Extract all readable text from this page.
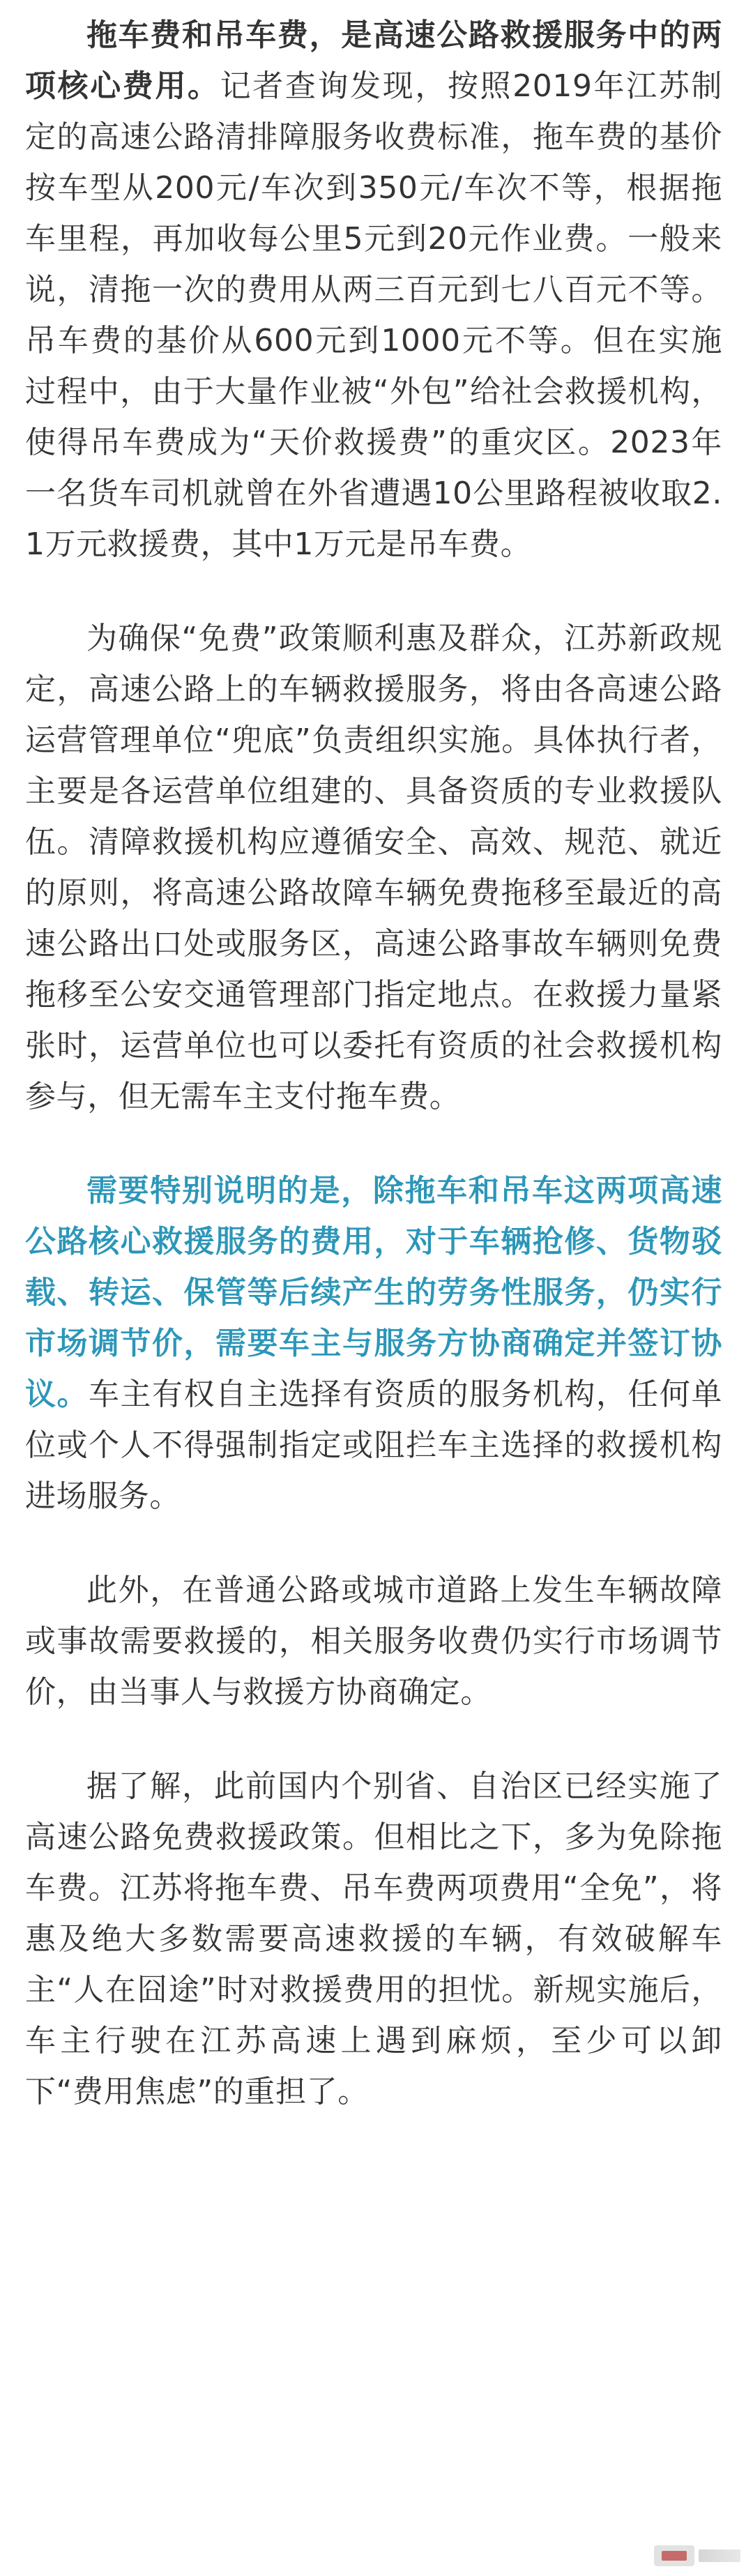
拖车费和吊车费，是高速公路救援服务中的两项核心费用。记者查询发现，按照2019年江苏制定的高速公路清排障服务收费标准，拖车费的基价按车型从200元/车次到350元/车次不等，根据拖车里程，再加收每公里5元到20元作业费。一般来说，清拖一次的费用从两三百元到七八百元不等。吊车费的基价从600元到1000元不等。但在实施过程中，由于大量作业被“外包”给社会救援机构，使得吊车费成为“天价救援费”的重灾区。2023年一名货车司机就曾在外省遭遇10公里路程被收取2.1万元救援费，其中1万元是吊车费。

为确保“免费”政策顺利惠及群众，江苏新政规定，高速公路上的车辆救援服务，将由各高速公路运营管理单位“兜底”负责组织实施。具体执行者，主要是各运营单位组建的、具备资质的专业救援队伍。清障救援机构应遵循安全、高效、规范、就近的原则，将高速公路故障车辆免费拖移至最近的高速公路出口处或服务区，高速公路事故车辆则免费拖移至公安交通管理部门指定地点。在救援力量紧张时，运营单位也可以委托有资质的社会救援机构参与，但无需车主支付拖车费。

需要特别说明的是，除拖车和吊车这两项高速公路核心救援服务的费用，对于车辆抢修、货物驳载、转运、保管等后续产生的劳务性服务，仍实行市场调节价，需要车主与服务方协商确定并签订协议。车主有权自主选择有资质的服务机构，任何单位或个人不得强制指定或阻拦车主选择的救援机构进场服务。

此外，在普通公路或城市道路上发生车辆故障或事故需要救援的，相关服务收费仍实行市场调节价，由当事人与救援方协商确定。

据了解，此前国内个别省、自治区已经实施了高速公路免费救援政策。但相比之下，多为免除拖车费。江苏将拖车费、吊车费两项费用“全免”，将惠及绝大多数需要高速救援的车辆，有效破解车主“人在囧途”时对救援费用的担忧。新规实施后，车主行驶在江苏高速上遇到麻烦，至少可以卸下“费用焦虑”的重担了。
